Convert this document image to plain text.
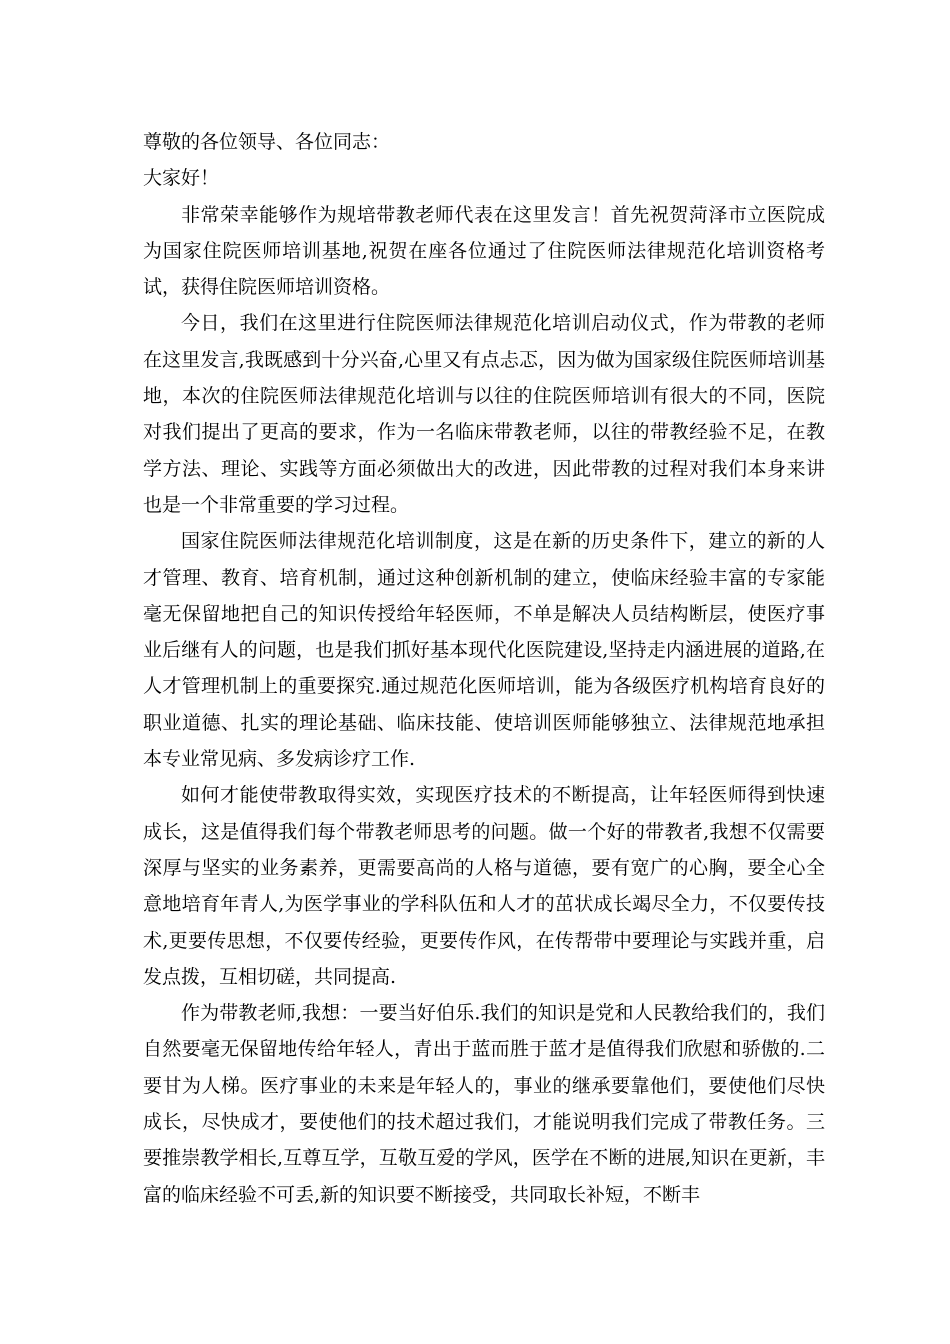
尊敬的各位领导、各位同志：

大家好！

非常荣幸能够作为规培带教老师代表在这里发言！首先祝贺菏泽市立医院成为国家住院医师培训基地,祝贺在座各位通过了住院医师法律规范化培训资格考试，获得住院医师培训资格。

今日，我们在这里进行住院医师法律规范化培训启动仪式，作为带教的老师在这里发言,我既感到十分兴奋,心里又有点忐忑，因为做为国家级住院医师培训基地，本次的住院医师法律规范化培训与以往的住院医师培训有很大的不同，医院对我们提出了更高的要求，作为一名临床带教老师，以往的带教经验不足，在教学方法、理论、实践等方面必须做出大的改进，因此带教的过程对我们本身来讲也是一个非常重要的学习过程。

国家住院医师法律规范化培训制度，这是在新的历史条件下，建立的新的人才管理、教育、培育机制，通过这种创新机制的建立，使临床经验丰富的专家能毫无保留地把自己的知识传授给年轻医师，不单是解决人员结构断层，使医疗事业后继有人的问题，也是我们抓好基本现代化医院建设,坚持走内涵进展的道路,在人才管理机制上的重要探究.通过规范化医师培训，能为各级医疗机构培育良好的职业道德、扎实的理论基础、临床技能、使培训医师能够独立、法律规范地承担本专业常见病、多发病诊疗工作.

如何才能使带教取得实效，实现医疗技术的不断提高，让年轻医师得到快速成长，这是值得我们每个带教老师思考的问题。做一个好的带教者,我想不仅需要深厚与坚实的业务素养，更需要高尚的人格与道德，要有宽广的心胸，要全心全意地培育年青人,为医学事业的学科队伍和人才的茁状成长竭尽全力，不仅要传技术,更要传思想，不仅要传经验，更要传作风，在传帮带中要理论与实践并重，启发点拨，互相切磋，共同提高.

作为带教老师,我想：一要当好伯乐.我们的知识是党和人民教给我们的，我们自然要毫无保留地传给年轻人，青出于蓝而胜于蓝才是值得我们欣慰和骄傲的.二要甘为人梯。医疗事业的未来是年轻人的，事业的继承要靠他们，要使他们尽快成长，尽快成才，要使他们的技术超过我们，才能说明我们完成了带教任务。三要推崇教学相长,互尊互学，互敬互爱的学风，医学在不断的进展,知识在更新，丰富的临床经验不可丢,新的知识要不断接受，共同取长补短，不断丰
